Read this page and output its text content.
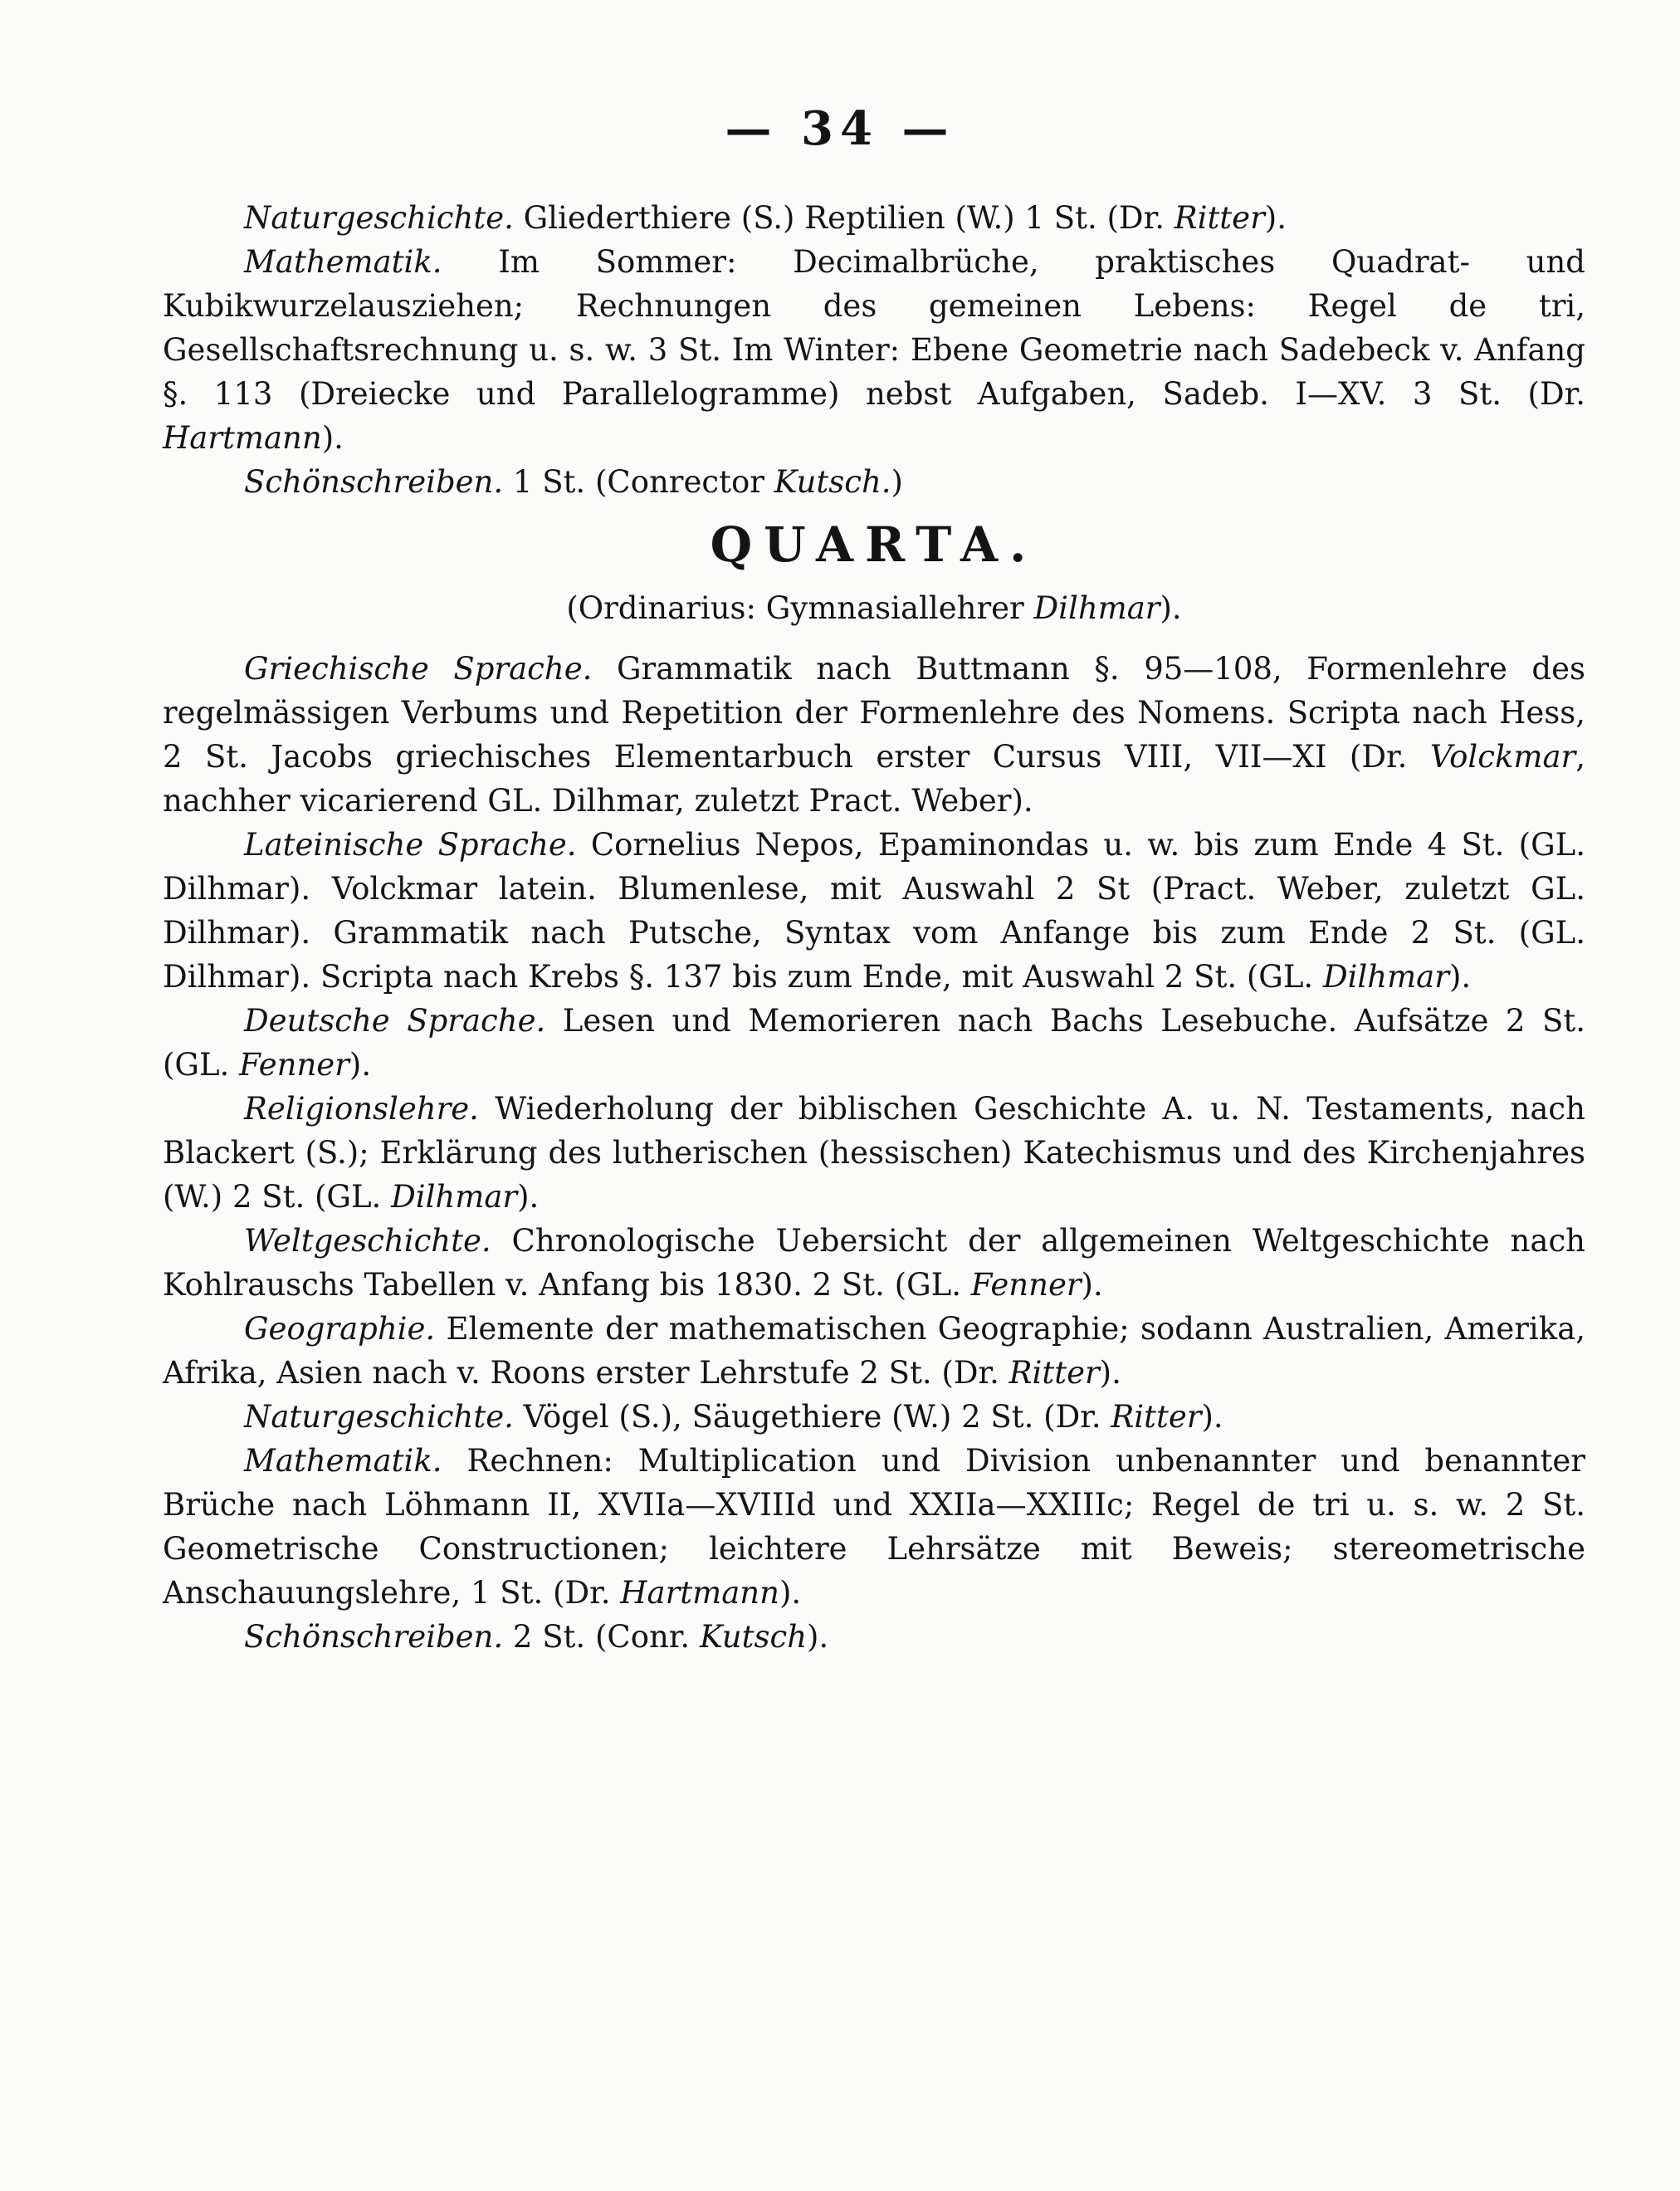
— 34 —

Naturgeschichte. Gliederthiere (S.) Reptilien (W.) 1 St. (Dr. Ritter).

Mathematik. Im Sommer: Decimalbrüche, praktisches Quadrat- und Kubikwurzelausziehen; Rechnungen des gemeinen Lebens: Regel de tri, Gesellschaftsrechnung u. s. w. 3 St. Im Winter: Ebene Geometrie nach Sadebeck v. Anfang §. 113 (Dreiecke und Parallelogramme) nebst Aufgaben, Sadeb. I—XV. 3 St. (Dr. Hartmann).

Schönschreiben. 1 St. (Conrector Kutsch.)

QUARTA.
(Ordinarius: Gymnasiallehrer Dilhmar).

Griechische Sprache. Grammatik nach Buttmann §. 95—108, Formenlehre des regelmässigen Verbums und Repetition der Formenlehre des Nomens. Scripta nach Hess, 2 St. Jacobs griechisches Elementarbuch erster Cursus VIII, VII—XI (Dr. Volckmar, nachher vicarierend GL. Dilhmar, zuletzt Pract. Weber).

Lateinische Sprache. Cornelius Nepos, Epaminondas u. w. bis zum Ende 4 St. (GL. Dilhmar). Volckmar latein. Blumenlese, mit Auswahl 2 St (Pract. Weber, zuletzt GL. Dilhmar). Grammatik nach Putsche, Syntax vom Anfange bis zum Ende 2 St. (GL. Dilhmar). Scripta nach Krebs §. 137 bis zum Ende, mit Auswahl 2 St. (GL. Dilhmar).

Deutsche Sprache. Lesen und Memorieren nach Bachs Lesebuche. Aufsätze 2 St. (GL. Fenner).

Religionslehre. Wiederholung der biblischen Geschichte A. u. N. Testaments, nach Blackert (S.); Erklärung des lutherischen (hessischen) Katechismus und des Kirchenjahres (W.) 2 St. (GL. Dilhmar).

Weltgeschichte. Chronologische Uebersicht der allgemeinen Weltgeschichte nach Kohlrauschs Tabellen v. Anfang bis 1830. 2 St. (GL. Fenner).

Geographie. Elemente der mathematischen Geographie; sodann Australien, Amerika, Afrika, Asien nach v. Roons erster Lehrstufe 2 St. (Dr. Ritter).

Naturgeschichte. Vögel (S.), Säugethiere (W.) 2 St. (Dr. Ritter).

Mathematik. Rechnen: Multiplication und Division unbenannter und benannter Brüche nach Löhmann II, XVIIa—XVIIId und XXIIa—XXIIIc; Regel de tri u. s. w. 2 St. Geometrische Constructionen; leichtere Lehrsätze mit Beweis; stereometrische Anschauungslehre, 1 St. (Dr. Hartmann).

Schönschreiben. 2 St. (Conr. Kutsch).
